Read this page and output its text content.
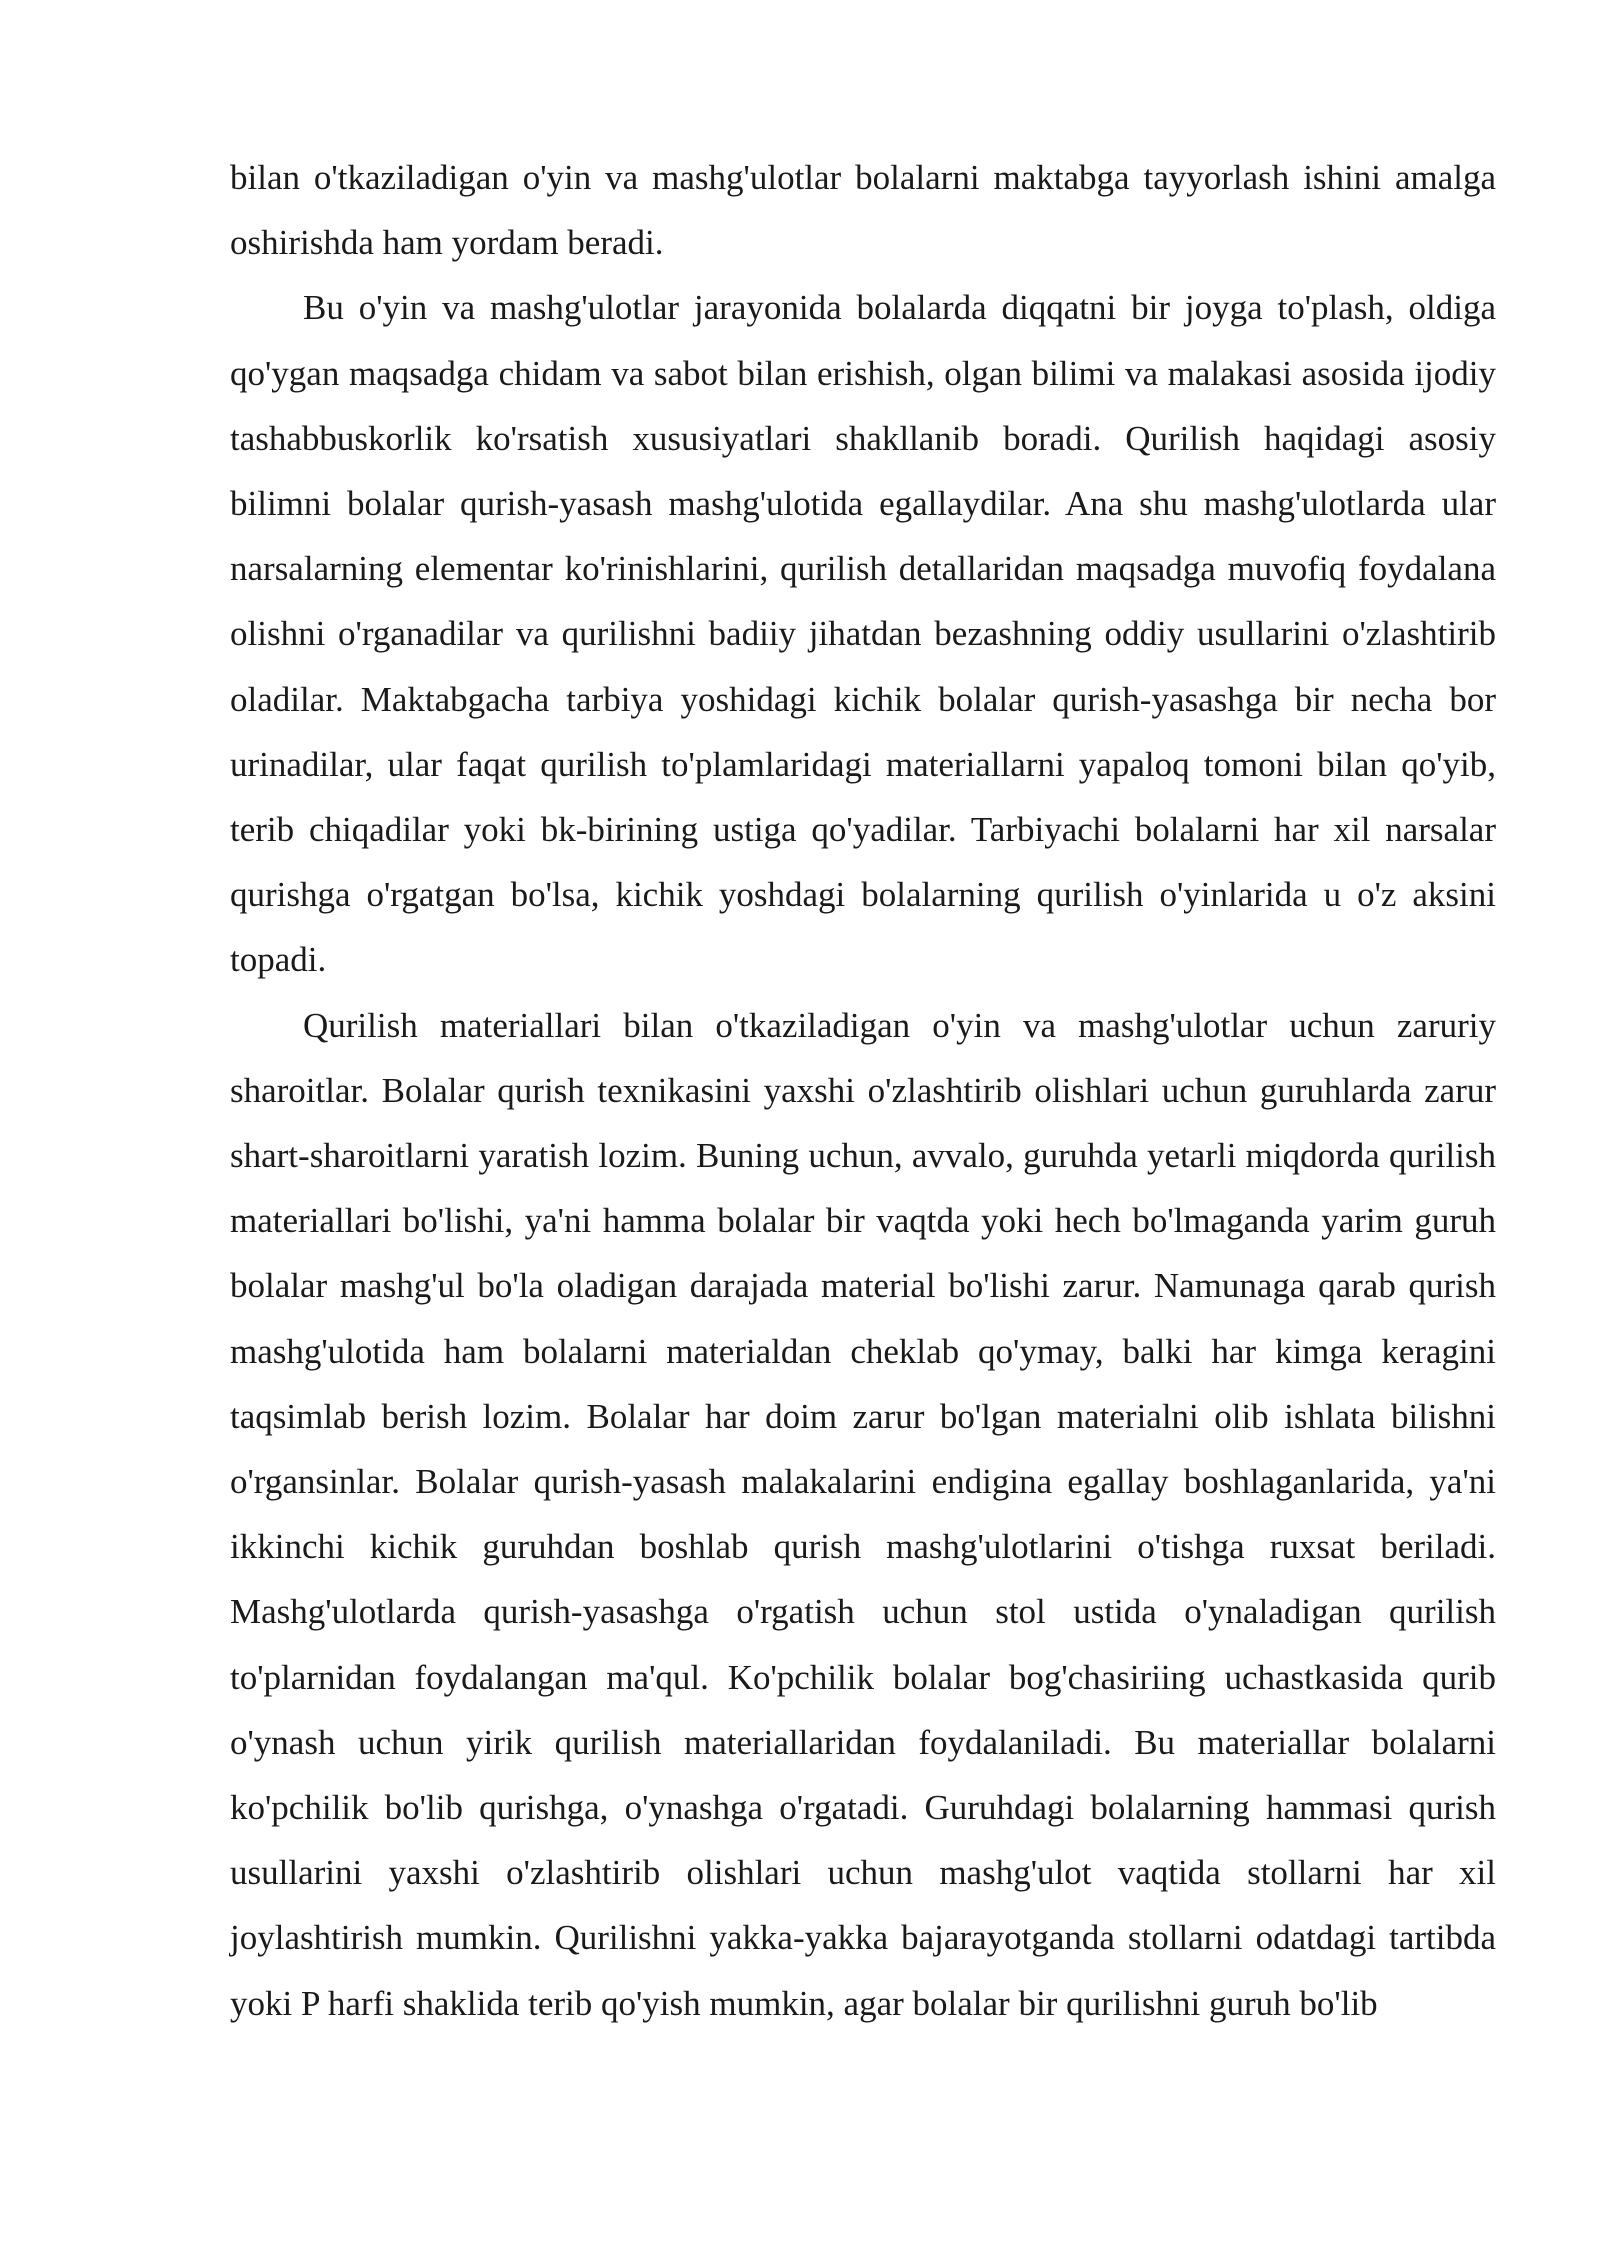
bilan o'tkaziladigan o'yin va mashg'ulotlar bolalarni maktabga tayyorlash ishini amalga oshirishda ham yordam beradi.

Bu o'yin va mashg'ulotlar jarayonida bolalarda diqqatni bir joyga to'plash, oldiga qo'ygan maqsadga chidam va sabot bilan erishish, olgan bilimi va malakasi asosida ijodiy tashabbuskorlik ko'rsatish xususiyatlari shakllanib boradi. Qurilish haqidagi asosiy bilimni bolalar qurish-yasash mashg'ulotida egallaydilar. Ana shu mashg'ulotlarda ular narsalarning elementar ko'rinishlarini, qurilish detallaridan maqsadga muvofiq foydalana olishni o'rganadilar va qurilishni badiiy jihatdan bezashning oddiy usullarini o'zlashtirib oladilar. Maktabgacha tarbiya yoshidagi kichik bolalar qurish-yasashga bir necha bor urinadilar, ular faqat qurilish to'plamlaridagi materiallarni yapaloq tomoni bilan qo'yib, terib chiqadilar yoki bk-birining ustiga qo'yadilar. Tarbiyachi bolalarni har xil narsalar qurishga o'rgatgan bo'lsa, kichik yoshdagi bolalarning qurilish o'yinlarida u o'z aksini topadi.

Qurilish materiallari bilan o'tkaziladigan o'yin va mashg'ulotlar uchun zaruriy sharoitlar. Bolalar qurish texnikasini yaxshi o'zlashtirib olishlari uchun guruhlarda zarur shart-sharoitlarni yaratish lozim. Buning uchun, avvalo, guruhda yetarli miqdorda qurilish materiallari bo'lishi, ya'ni hamma bolalar bir vaqtda yoki hech bo'lmaganda yarim guruh bolalar mashg'ul bo'la oladigan darajada material bo'lishi zarur. Namunaga qarab qurish mashg'ulotida ham bolalarni materialdan cheklab qo'ymay, balki har kimga keragini taqsimlab berish lozim. Bolalar har doim zarur bo'lgan materialni olib ishlata bilishni o'rgansinlar. Bolalar qurish-yasash malakalarini endigina egallay boshlaganlarida, ya'ni ikkinchi kichik guruhdan boshlab qurish mashg'ulotlarini o'tishga ruxsat beriladi. Mashg'ulotlarda qurish-yasashga o'rgatish uchun stol ustida o'ynaladigan qurilish to'plarnidan foydalangan ma'qul. Ko'pchilik bolalar bog'chasiriing uchastkasida qurib o'ynash uchun yirik qurilish materiallaridan foydalaniladi. Bu materiallar bolalarni ko'pchilik bo'lib qurishga, o'ynashga o'rgatadi. Guruhdagi bolalarning hammasi qurish usullarini yaxshi o'zlashtirib olishlari uchun mashg'ulot vaqtida stollarni har xil joylashtirish mumkin. Qurilishni yakka-yakka bajarayotganda stollarni odatdagi tartibda yoki P harfi shaklida terib qo'yish mumkin, agar bolalar bir qurilishni guruh bo'lib
